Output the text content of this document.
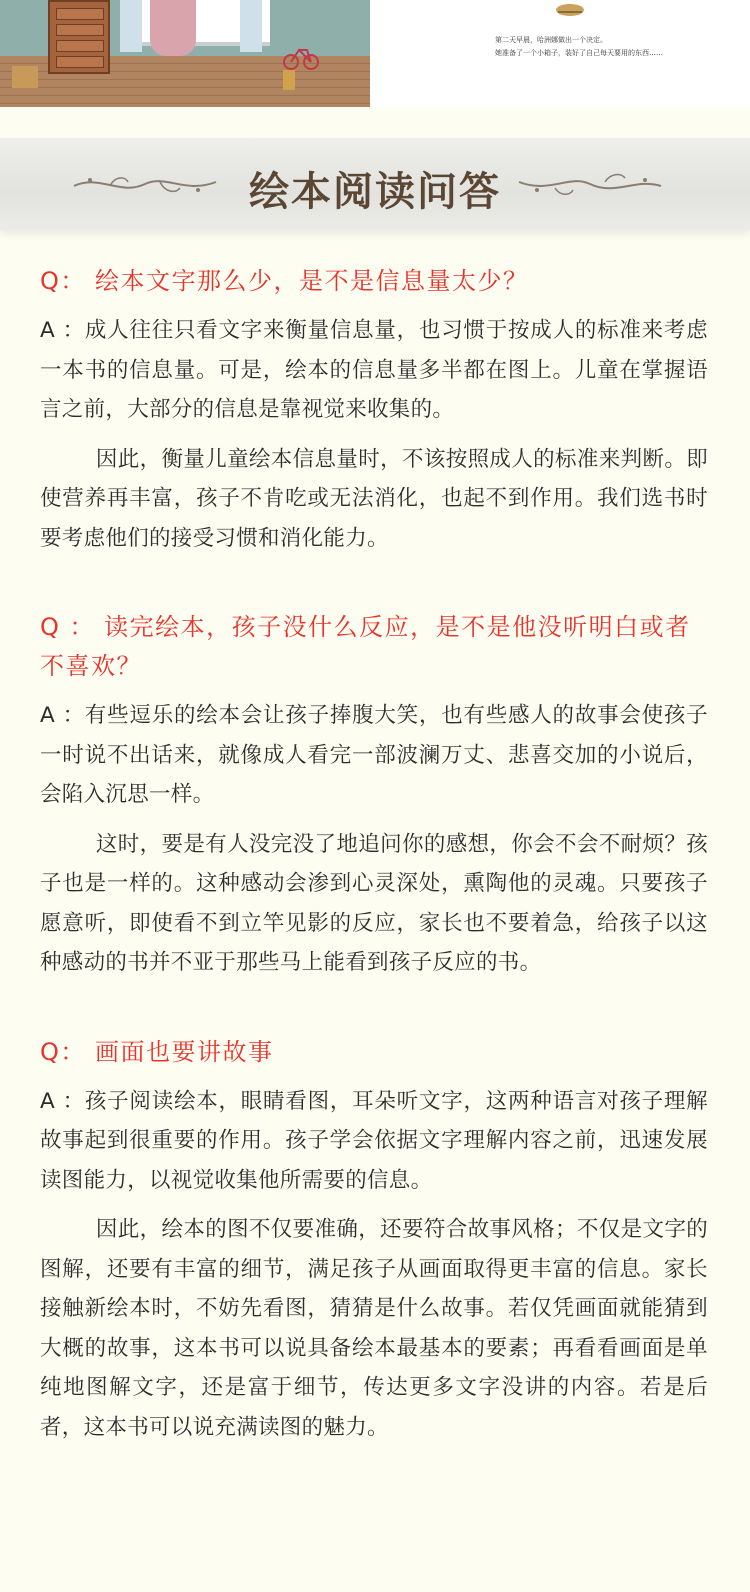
第二天早晨，哈洲娜做出一个决定。
她准备了一个小箱子，装好了自己每天要用的东西……
绘本阅读问答

Q： 绘本文字那么少，是不是信息量太少？

A ：成人往往只看文字来衡量信息量，也习惯于按成人的标准来考虑一本书的信息量。可是，绘本的信息量多半都在图上。儿童在掌握语言之前，大部分的信息是靠视觉来收集的。

因此，衡量儿童绘本信息量时，不该按照成人的标准来判断。即使营养再丰富，孩子不肯吃或无法消化，也起不到作用。我们选书时要考虑他们的接受习惯和消化能力。

Q ： 读完绘本，孩子没什么反应，是不是他没听明白或者不喜欢？

A ：有些逗乐的绘本会让孩子捧腹大笑，也有些感人的故事会使孩子一时说不出话来，就像成人看完一部波澜万丈、悲喜交加的小说后，会陷入沉思一样。

这时，要是有人没完没了地追问你的感想，你会不会不耐烦？孩子也是一样的。这种感动会渗到心灵深处，熏陶他的灵魂。只要孩子愿意听，即使看不到立竿见影的反应，家长也不要着急，给孩子以这种感动的书并不亚于那些马上能看到孩子反应的书。

Q： 画面也要讲故事

A ：孩子阅读绘本，眼睛看图，耳朵听文字，这两种语言对孩子理解故事起到很重要的作用。孩子学会依据文字理解内容之前，迅速发展读图能力，以视觉收集他所需要的信息。

因此，绘本的图不仅要准确，还要符合故事风格；不仅是文字的图解，还要有丰富的细节，满足孩子从画面取得更丰富的信息。家长接触新绘本时，不妨先看图，猜猜是什么故事。若仅凭画面就能猜到大概的故事，这本书可以说具备绘本最基本的要素；再看看画面是单纯地图解文字，还是富于细节，传达更多文字没讲的内容。若是后者，这本书可以说充满读图的魅力。
